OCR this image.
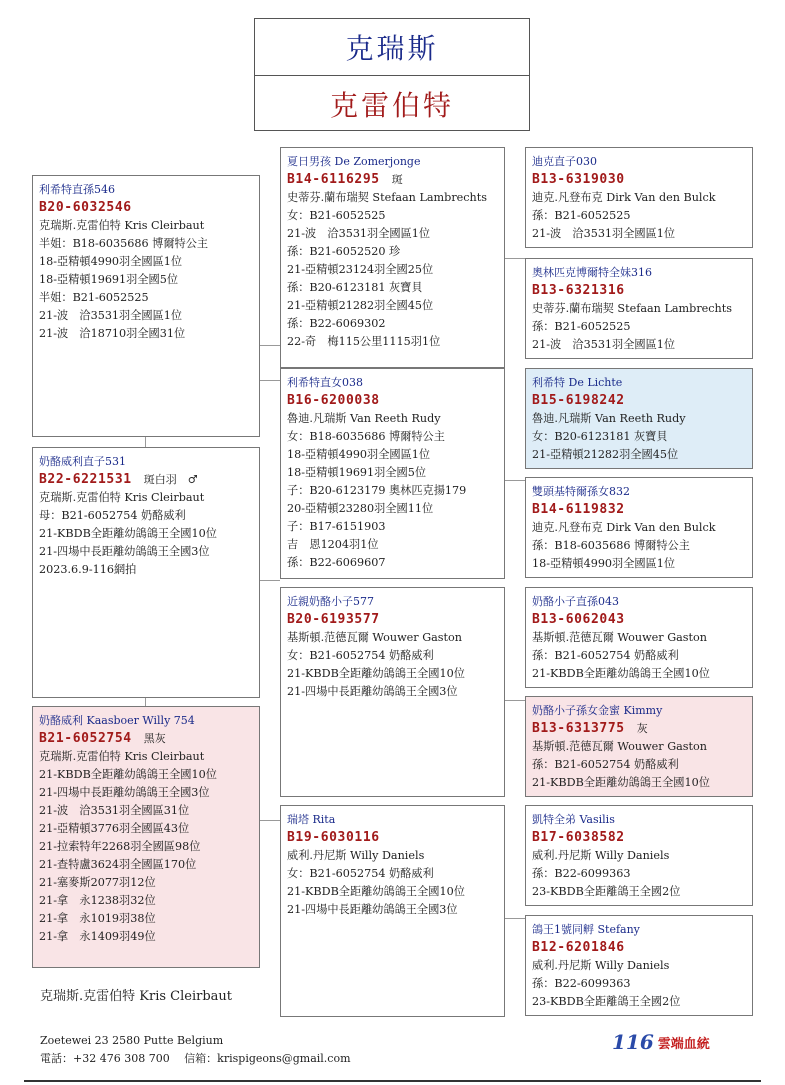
克瑞斯
克雷伯特
利希特直孫546
B20-6032546
克瑞斯.克雷伯特 Kris Cleirbaut
半姐：B18-6035686 博爾特公主
18-亞精頓4990羽全國區1位
18-亞精頓19691羽全國5位
半姐：B21-6052525
21-波　洽3531羽全國區1位
21-波　洽18710羽全國31位
奶酪威利直子531
B22-6221531 斑白羽　♂
克瑞斯.克雷伯特 Kris Cleirbaut
母：B21-6052754 奶酪威利
21-KBDB全距離幼鴿鴿王全國10位
21-四場中長距離幼鴿鴿王全國3位
2023.6.9-116網拍
奶酪威利 Kaasboer Willy 754
B21-6052754 黑灰
克瑞斯.克雷伯特 Kris Cleirbaut
21-KBDB全距離幼鴿鴿王全國10位
21-四場中長距離幼鴿鴿王全國3位
21-波　洽3531羽全國區31位
21-亞精頓3776羽全國區43位
21-拉索特年2268羽全國區98位
21-查特盧3624羽全國區170位
21-塞麥斯2077羽12位
21-拿　永1238羽32位
21-拿　永1019羽38位
21-拿　永1409羽49位
夏日男孩 De Zomerjonge
B14-6116295 斑
史蒂芬.蘭布瑞契 Stefaan Lambrechts
女：B21-6052525
21-波　洽3531羽全國區1位
孫：B21-6052520 珍
21-亞精頓23124羽全國25位
孫：B20-6123181 灰寶貝
21-亞精頓21282羽全國45位
孫：B22-6069302
22-奇　梅115公里1115羽1位
利希特直女038
B16-6200038
魯迪.凡瑞斯 Van Reeth Rudy
女：B18-6035686 博爾特公主
18-亞精頓4990羽全國區1位
18-亞精頓19691羽全國5位
子：B20-6123179 奧林匹克揚179
20-亞精頓23280羽全國11位
子：B17-6151903
吉　恩1204羽1位
孫：B22-6069607
近親奶酪小子577
B20-6193577
基斯頓.范德瓦爾 Wouwer Gaston
女：B21-6052754 奶酪威利
21-KBDB全距離幼鴿鴿王全國10位
21-四場中長距離幼鴿鴿王全國3位
瑞塔 Rita
B19-6030116
威利.丹尼斯 Willy Daniels
女：B21-6052754 奶酪威利
21-KBDB全距離幼鴿鴿王全國10位
21-四場中長距離幼鴿鴿王全國3位
迪克直子030
B13-6319030
迪克.凡登布克 Dirk Van den Bulck
孫：B21-6052525
21-波　洽3531羽全國區1位
奧林匹克博爾特全妹316
B13-6321316
史蒂芬.蘭布瑞契 Stefaan Lambrechts
孫：B21-6052525
21-波　洽3531羽全國區1位
利希特 De Lichte
B15-6198242
魯迪.凡瑞斯 Van Reeth Rudy
女：B20-6123181 灰寶貝
21-亞精頓21282羽全國45位
雙頭基特爾孫女832
B14-6119832
迪克.凡登布克 Dirk Van den Bulck
孫：B18-6035686 博爾特公主
18-亞精頓4990羽全國區1位
奶酪小子直孫043
B13-6062043
基斯頓.范德瓦爾 Wouwer Gaston
孫：B21-6052754 奶酪威利
21-KBDB全距離幼鴿鴿王全國10位
奶酪小子孫女金蜜 Kimmy
B13-6313775 灰
基斯頓.范德瓦爾 Wouwer Gaston
孫：B21-6052754 奶酪威利
21-KBDB全距離幼鴿鴿王全國10位
凱特全弟 Vasilis
B17-6038582
威利.丹尼斯 Willy Daniels
孫：B22-6099363
23-KBDB全距離鴿王全國2位
鴿王1號同孵 Stefany
B12-6201846
威利.丹尼斯 Willy Daniels
孫：B22-6099363
23-KBDB全距離鴿王全國2位
克瑞斯.克雷伯特 Kris Cleirbaut
Zoetewei 23 2580 Putte Belgium
電話：+32 476 308 700　 信箱：krispigeons@gmail.com
116 雲端血統
